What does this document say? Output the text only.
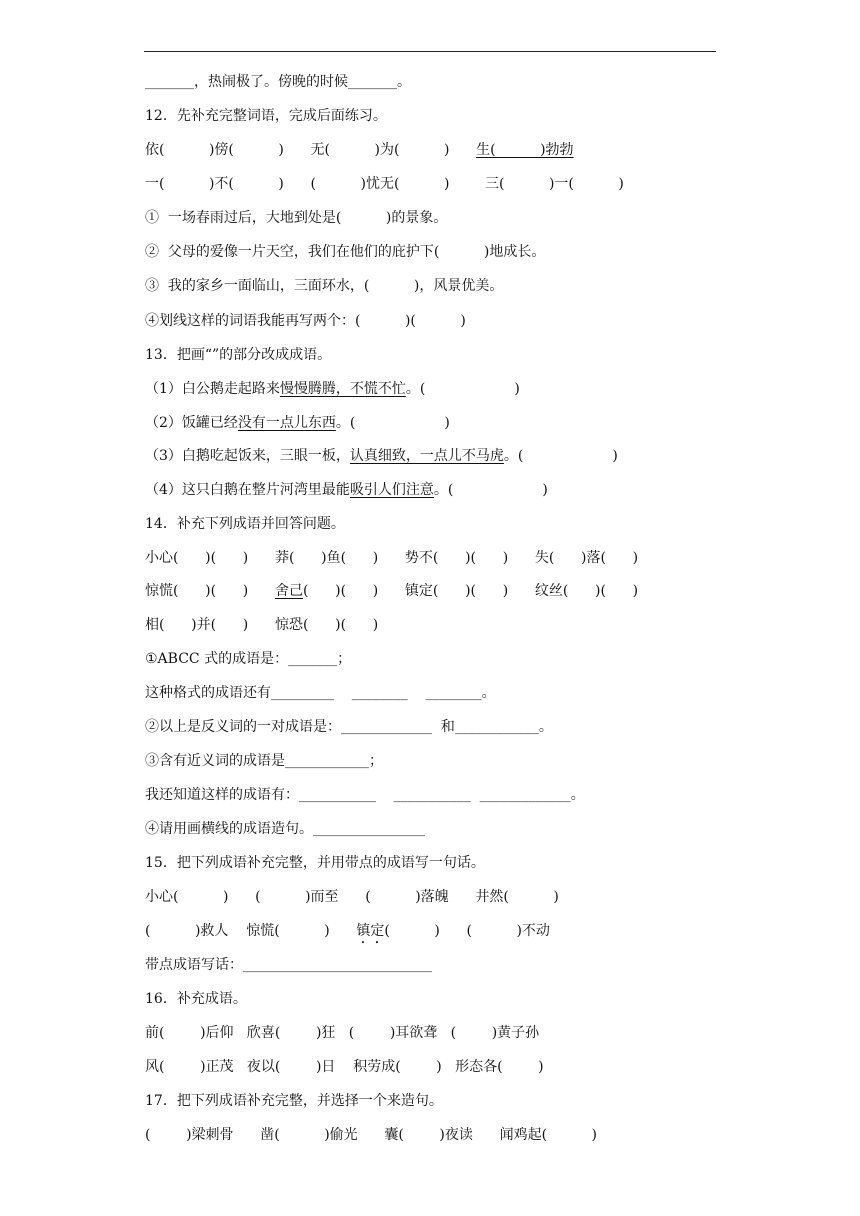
_______，热闹极了。傍晚的时候_______。
12．先补充完整词语，完成后面练习。
依(          )傍(          )      无(          )为(          )      生(          )勃勃
一(          )不(          )      (          )忧无(          )        三(          )一(          )
①  一场春雨过后，大地到处是(          )的景象。
②  父母的爱像一片天空，我们在他们的庇护下(          )地成长。
③  我的家乡一面临山，三面环水，(          )，风景优美。
④划线这样的词语我能再写两个：(          )(          )
13．把画“”的部分改成成语。
（1）白公鹅走起路来慢慢腾腾，不慌不忙。(                    )
（2）饭罐已经没有一点儿东西。(                    )
（3）白鹅吃起饭来，三眼一板，认真细致，一点儿不马虎。(                    )
（4）这只白鹅在整片河湾里最能吸引人们注意。(                    )
14．补充下列成语并回答问题。
小心(      )(      )      莽(      )鱼(      )      势不(      )(      )      失(      )落(      )
惊慌(      )(      )      舍己(      )(      )      镇定(      )(      )      纹丝(      )(      )
相(      )并(      )      惊恐(      )(      )
①ABCC 式的成语是：_______；
这种格式的成语还有_________    ________    ________。
②以上是反义词的一对成语是：_____________  和____________。
③含有近义词的成语是____________；
我还知道这样的成语有：___________    ___________  _____________。
④请用画横线的成语造句。________________
15．把下列成语补充完整，并用带点的成语写一句话。
小心(          )      (          )而至      (          )落魄      井然(          )
(          )救人    惊慌(          )      镇定(          )      (          )不动
带点成语写话：___________________________
16．补充成语。
前(        )后仰   欣喜(        )狂   (        )耳欲聋   (        )黄子孙
风(        )正茂   夜以(        )日    积劳成(        )   形态各(        )
17．把下列成语补充完整，并选择一个来造句。
(        )梁刺骨      凿(          )偷光      囊(        )夜读      闻鸡起(          )
